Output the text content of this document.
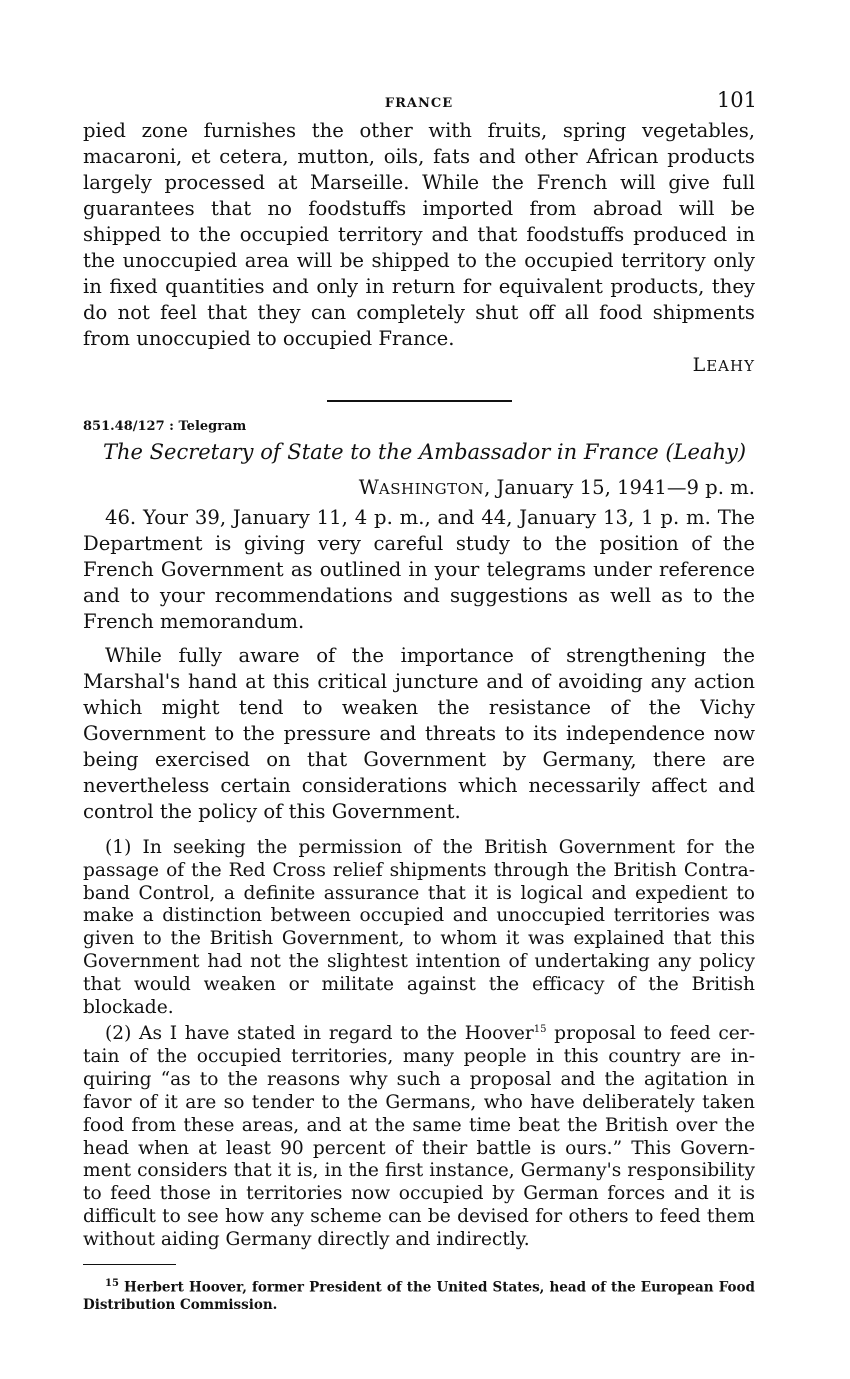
FRANCE	101

pied zone furnishes the other with fruits, spring vegetables, macaroni, et cetera, mutton, oils, fats and other African products largely processed at Marseille. While the French will give full guarantees that no foodstuffs imported from abroad will be shipped to the occupied territory and that foodstuffs produced in the unoccupied area will be shipped to the occupied territory only in fixed quantities and only in return for equivalent products, they do not feel that they can completely shut off all food shipments from unoccupied to occupied France.

LEAHY

851.48/127 : Telegram

The Secretary of State to the Ambassador in France (Leahy)

WASHINGTON, January 15, 1941—9 p. m.

46. Your 39, January 11, 4 p. m., and 44, January 13, 1 p. m. The Department is giving very careful study to the position of the French Government as outlined in your telegrams under reference and to your recommendations and suggestions as well as to the French memorandum.

While fully aware of the importance of strengthening the Marshal's hand at this critical juncture and of avoiding any action which might tend to weaken the resistance of the Vichy Government to the pressure and threats to its independence now being exercised on that Government by Germany, there are nevertheless certain considerations which necessarily affect and control the policy of this Government.

(1) In seeking the permission of the British Government for the passage of the Red Cross relief shipments through the British Contraband Control, a definite assurance that it is logical and expedient to make a distinction between occupied and unoccupied territories was given to the British Government, to whom it was explained that this Government had not the slightest intention of undertaking any policy that would weaken or militate against the efficacy of the British blockade.

(2) As I have stated in regard to the Hoover$^{15}$ proposal to feed certain of the occupied territories, many people in this country are inquiring “as to the reasons why such a proposal and the agitation in favor of it are so tender to the Germans, who have deliberately taken food from these areas, and at the same time beat the British over the head when at least 90 percent of their battle is ours.” This Government considers that it is, in the first instance, Germany's responsibility to feed those in territories now occupied by German forces and it is difficult to see how any scheme can be devised for others to feed them without aiding Germany directly and indirectly.

$^{15}$ Herbert Hoover, former President of the United States, head of the European Food Distribution Commission.
